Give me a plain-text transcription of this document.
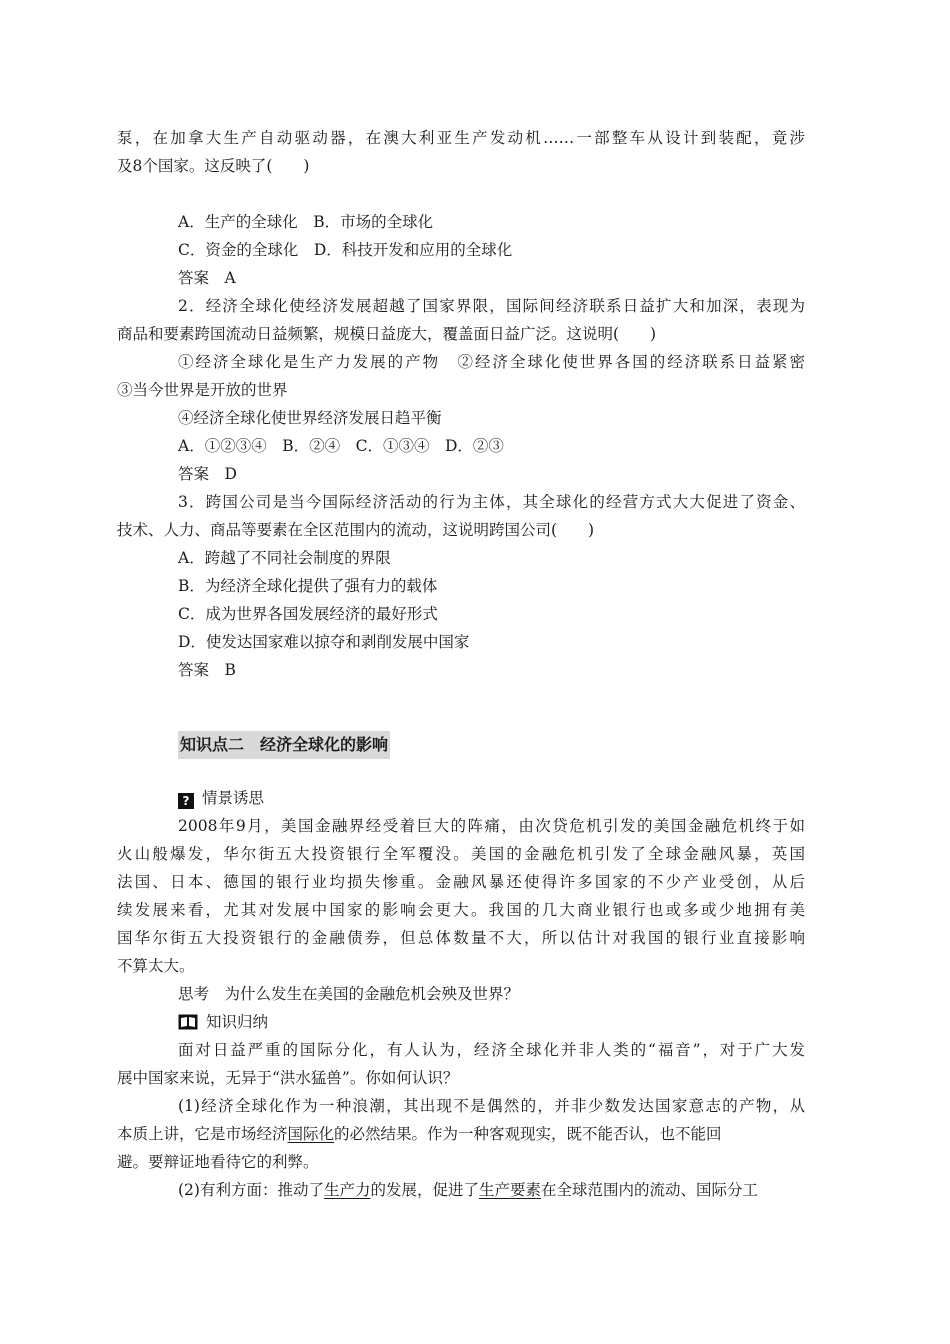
泵，在加拿大生产自动驱动器，在澳大利亚生产发动机……一部整车从设计到装配，竟涉
及8个国家。这反映了(　　)
A．生产的全球化　B．市场的全球化
C．资金的全球化　D．科技开发和应用的全球化
答案　A
2．经济全球化使经济发展超越了国家界限，国际间经济联系日益扩大和加深，表现为
商品和要素跨国流动日益频繁，规模日益庞大，覆盖面日益广泛。这说明(　　)
①经济全球化是生产力发展的产物　②经济全球化使世界各国的经济联系日益紧密
③当今世界是开放的世界
④经济全球化使世界经济发展日趋平衡
A．①②③④　B．②④　C．①③④　D．②③
答案　D
3．跨国公司是当今国际经济活动的行为主体，其全球化的经营方式大大促进了资金、
技术、人力、商品等要素在全区范围内的流动，这说明跨国公司(　　)
A．跨越了不同社会制度的界限
B．为经济全球化提供了强有力的载体
C．成为世界各国发展经济的最好形式
D．使发达国家难以掠夺和剥削发展中国家
答案　B
知识点二　经济全球化的影响
? 情景诱思
2008年9月，美国金融界经受着巨大的阵痛，由次贷危机引发的美国金融危机终于如
火山般爆发，华尔街五大投资银行全军覆没。美国的金融危机引发了全球金融风暴，英国
法国、日本、德国的银行业均损失惨重。金融风暴还使得许多国家的不少产业受创，从后
续发展来看，尤其对发展中国家的影响会更大。我国的几大商业银行也或多或少地拥有美
国华尔街五大投资银行的金融债券，但总体数量不大，所以估计对我国的银行业直接影响
不算太大。
思考　为什么发生在美国的金融危机会殃及世界？
知识归纳
面对日益严重的国际分化，有人认为，经济全球化并非人类的“福音”，对于广大发
展中国家来说，无异于“洪水猛兽”。你如何认识？
(1)经济全球化作为一种浪潮，其出现不是偶然的，并非少数发达国家意志的产物，从
本质上讲，它是市场经济国际化的必然结果。作为一种客观现实，既不能否认，也不能回
避。要辩证地看待它的利弊。
(2)有利方面：推动了生产力的发展，促进了生产要素在全球范围内的流动、国际分工
